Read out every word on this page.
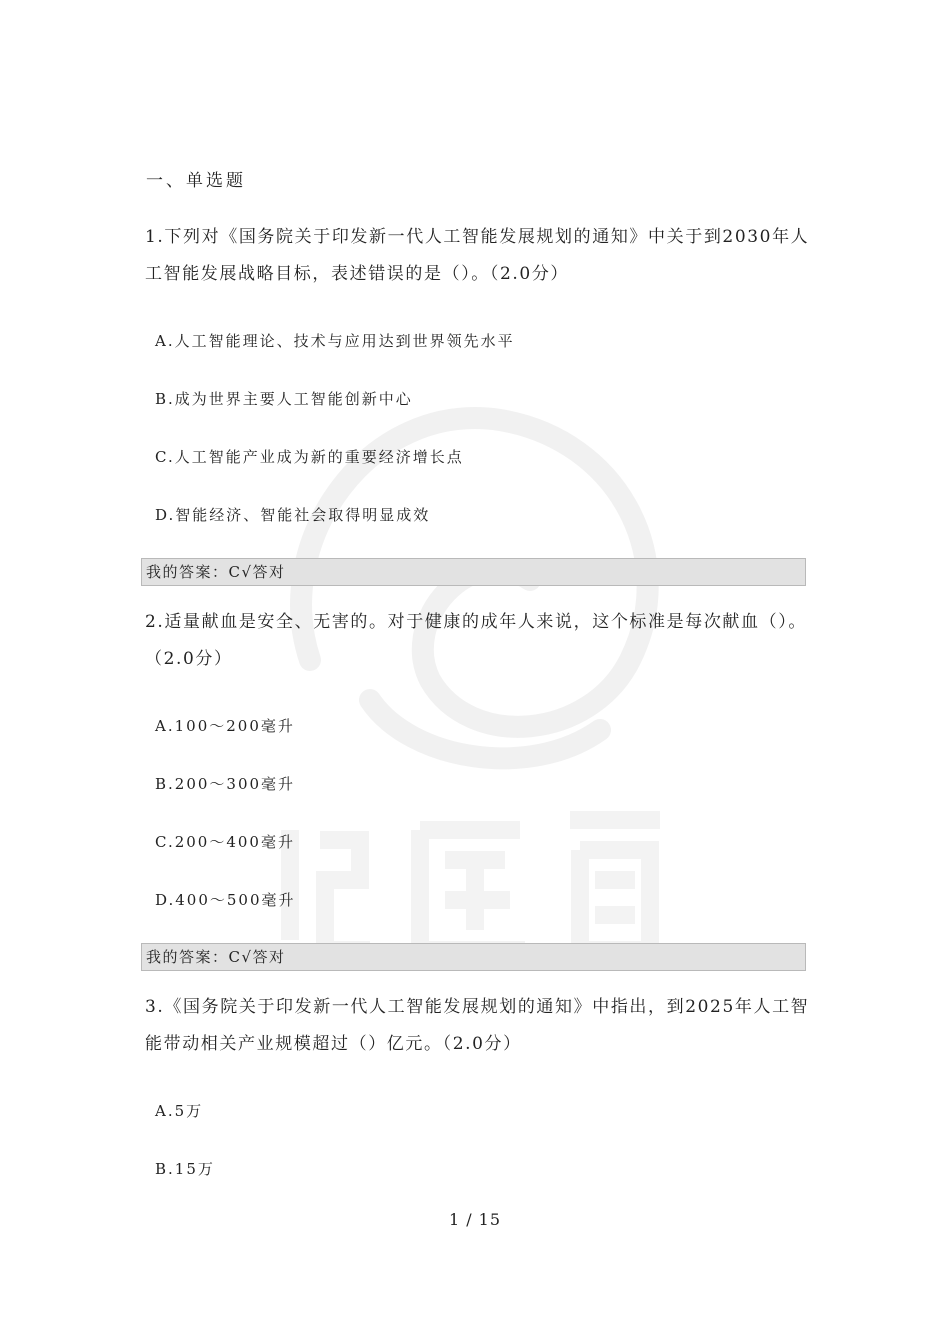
一、单选题

1.下列对《国务院关于印发新一代人工智能发展规划的通知》中关于到2030年人工智能发展战略目标，表述错误的是（）。（2.0分）

A.人工智能理论、技术与应用达到世界领先水平
B.成为世界主要人工智能创新中心
C.人工智能产业成为新的重要经济增长点
D.智能经济、智能社会取得明显成效
我的答案：C√答对

2.适量献血是安全、无害的。对于健康的成年人来说，这个标准是每次献血（）。（2.0分）

A.100～200毫升
B.200～300毫升
C.200～400毫升
D.400～500毫升
我的答案：C√答对

3.《国务院关于印发新一代人工智能发展规划的通知》中指出，到2025年人工智能带动相关产业规模超过（）亿元。（2.0分）

A.5万
B.15万
1 / 15
